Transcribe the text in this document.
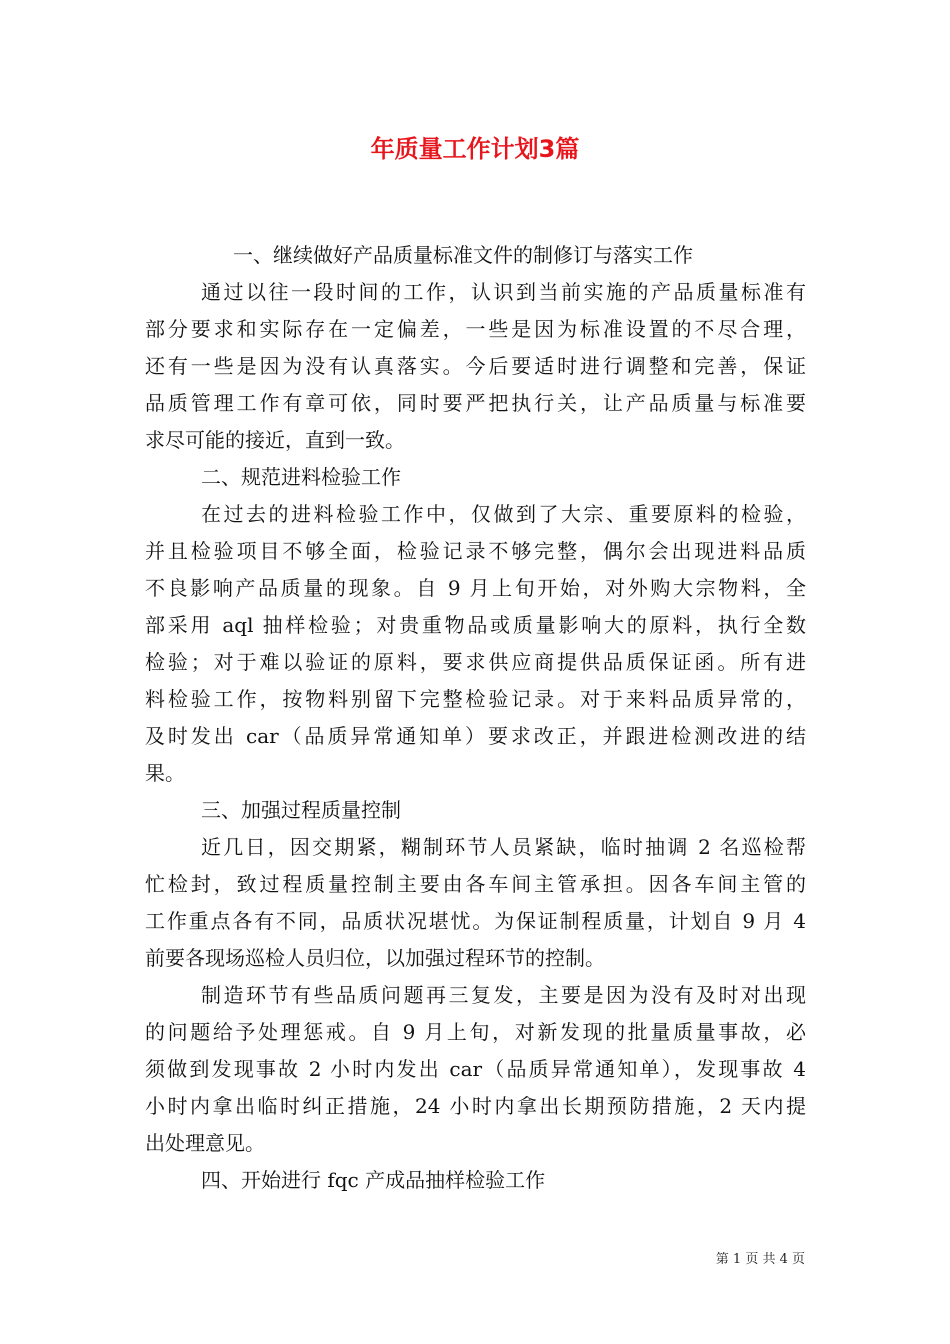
年质量工作计划3篇
一、继续做好产品质量标准文件的制修订与落实工作
通过以往一段时间的工作，认识到当前实施的产品质量标准有
部分要求和实际存在一定偏差，一些是因为标准设置的不尽合理，
还有一些是因为没有认真落实。今后要适时进行调整和完善，保证
品质管理工作有章可依，同时要严把执行关，让产品质量与标准要
求尽可能的接近，直到一致。
二、规范进料检验工作
在过去的进料检验工作中，仅做到了大宗、重要原料的检验，
并且检验项目不够全面，检验记录不够完整，偶尔会出现进料品质
不良影响产品质量的现象。自 9 月上旬开始，对外购大宗物料，全
部采用 aql 抽样检验；对贵重物品或质量影响大的原料，执行全数
检验；对于难以验证的原料，要求供应商提供品质保证函。所有进
料检验工作，按物料别留下完整检验记录。对于来料品质异常的，
及时发出 car（品质异常通知单）要求改正，并跟进检测改进的结
果。
三、加强过程质量控制
近几日，因交期紧，糊制环节人员紧缺，临时抽调 2 名巡检帮
忙检封，致过程质量控制主要由各车间主管承担。因各车间主管的
工作重点各有不同，品质状况堪忧。为保证制程质量，计划自 9 月 4
前要各现场巡检人员归位，以加强过程环节的控制。
制造环节有些品质问题再三复发，主要是因为没有及时对出现
的问题给予处理惩戒。自 9 月上旬，对新发现的批量质量事故，必
须做到发现事故 2 小时内发出 car（品质异常通知单），发现事故 4
小时内拿出临时纠正措施，24 小时内拿出长期预防措施，2 天内提
出处理意见。
四、开始进行 fqc 产成品抽样检验工作
第 1 页 共 4 页
